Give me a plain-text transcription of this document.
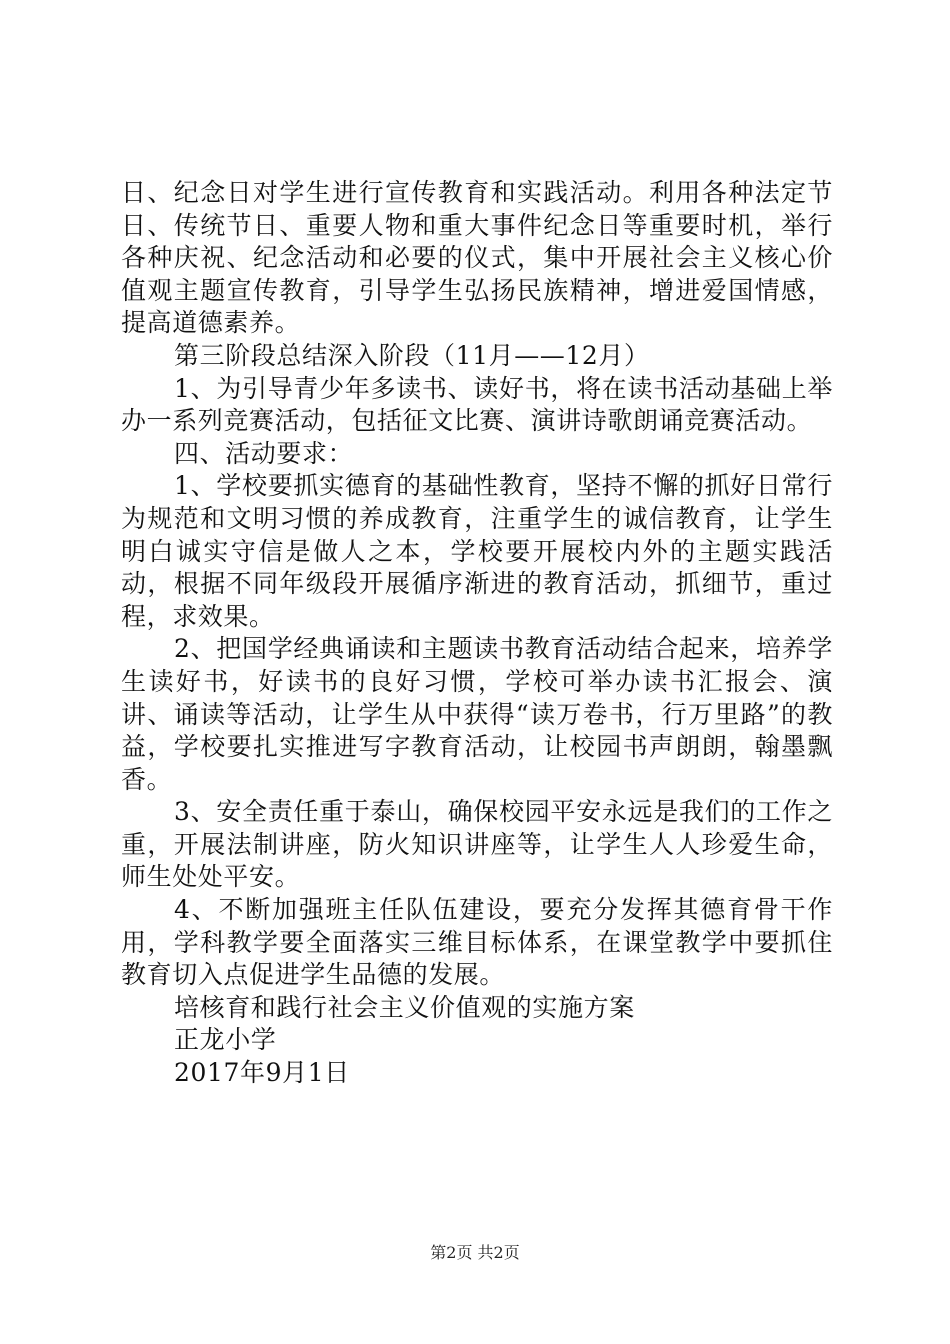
日、纪念日对学生进行宣传教育和实践活动。利用各种法定节日、传统节日、重要人物和重大事件纪念日等重要时机，举行各种庆祝、纪念活动和必要的仪式，集中开展社会主义核心价值观主题宣传教育，引导学生弘扬民族精神，增进爱国情感，提高道德素养。

第三阶段总结深入阶段（11月——12月）

1、为引导青少年多读书、读好书，将在读书活动基础上举办一系列竞赛活动，包括征文比赛、演讲诗歌朗诵竞赛活动。

四、活动要求：

1、学校要抓实德育的基础性教育，坚持不懈的抓好日常行为规范和文明习惯的养成教育，注重学生的诚信教育，让学生明白诚实守信是做人之本，学校要开展校内外的主题实践活动，根据不同年级段开展循序渐进的教育活动，抓细节，重过程，求效果。

2、把国学经典诵读和主题读书教育活动结合起来，培养学生读好书，好读书的良好习惯，学校可举办读书汇报会、演讲、诵读等活动，让学生从中获得“读万卷书，行万里路”的教益，学校要扎实推进写字教育活动，让校园书声朗朗，翰墨飘香。

3、安全责任重于泰山，确保校园平安永远是我们的工作之重，开展法制讲座，防火知识讲座等，让学生人人珍爱生命，师生处处平安。

4、不断加强班主任队伍建设，要充分发挥其德育骨干作用，学科教学要全面落实三维目标体系，在课堂教学中要抓住教育切入点促进学生品德的发展。

培核育和践行社会主义价值观的实施方案

正龙小学

2017年9月1日

第2页 共2页
